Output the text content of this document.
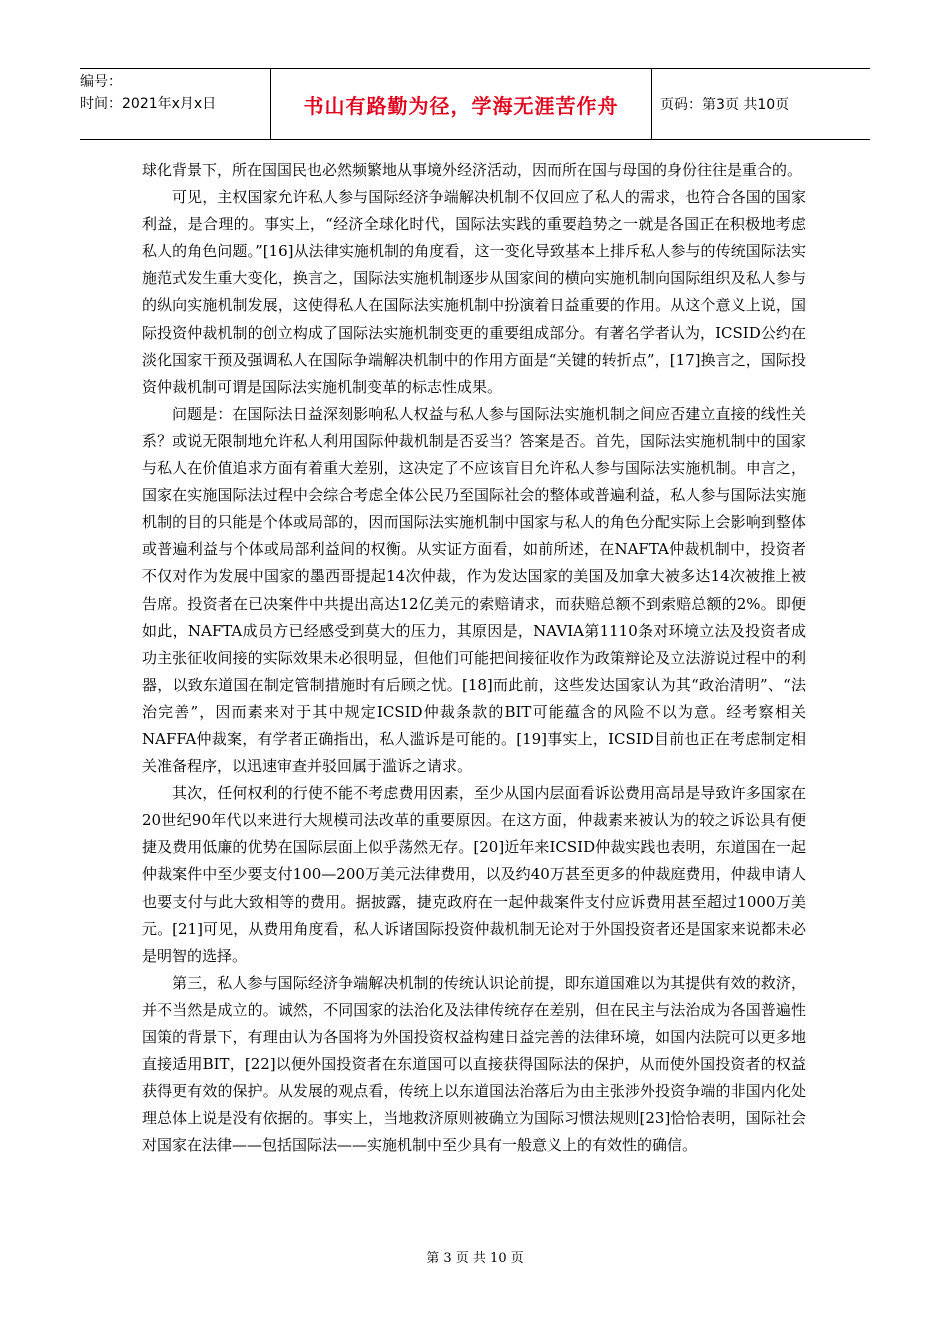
编号：
时间：2021年x月x日	书山有路勤为径，学海无涯苦作舟	页码：第3页 共10页

球化背景下，所在国国民也必然频繁地从事境外经济活动，因而所在国与母国的身份往往是重合的。

可见，主权国家允许私人参与国际经济争端解决机制不仅回应了私人的需求，也符合各国的国家利益，是合理的。事实上，“经济全球化时代，国际法实践的重要趋势之一就是各国正在积极地考虑私人的角色问题。”[16]从法律实施机制的角度看，这一变化导致基本上排斥私人参与的传统国际法实施范式发生重大变化，换言之，国际法实施机制逐步从国家间的横向实施机制向国际组织及私人参与的纵向实施机制发展，这使得私人在国际法实施机制中扮演着日益重要的作用。从这个意义上说，国际投资仲裁机制的创立构成了国际法实施机制变更的重要组成部分。有著名学者认为，ICSID公约在淡化国家干预及强调私人在国际争端解决机制中的作用方面是“关键的转折点”，[17]换言之，国际投资仲裁机制可谓是国际法实施机制变革的标志性成果。

问题是：在国际法日益深刻影响私人权益与私人参与国际法实施机制之间应否建立直接的线性关系？或说无限制地允许私人利用国际仲裁机制是否妥当？答案是否。首先，国际法实施机制中的国家与私人在价值追求方面有着重大差别，这决定了不应该盲目允许私人参与国际法实施机制。申言之，国家在实施国际法过程中会综合考虑全体公民乃至国际社会的整体或普遍利益，私人参与国际法实施机制的目的只能是个体或局部的，因而国际法实施机制中国家与私人的角色分配实际上会影响到整体或普遍利益与个体或局部利益间的权衡。从实证方面看，如前所述，在NAFTA仲裁机制中，投资者不仅对作为发展中国家的墨西哥提起14次仲裁，作为发达国家的美国及加拿大被多达14次被推上被告席。投资者在已决案件中共提出高达12亿美元的索赔请求，而获赔总额不到索赔总额的2%。即便如此，NAFTA成员方已经感受到莫大的压力，其原因是，NAVIA第1110条对环境立法及投资者成功主张征收间接的实际效果未必很明显，但他们可能把间接征收作为政策辩论及立法游说过程中的利器，以致东道国在制定管制措施时有后顾之忧。[18]而此前，这些发达国家认为其“政治清明”、“法治完善”，因而素来对于其中规定ICSID仲裁条款的BIT可能蕴含的风险不以为意。经考察相关NAFFA仲裁案，有学者正确指出，私人滥诉是可能的。[19]事实上，ICSID目前也正在考虑制定相关准备程序，以迅速审查并驳回属于滥诉之请求。

其次，任何权利的行使不能不考虑费用因素，至少从国内层面看诉讼费用高昂是导致许多国家在20世纪90年代以来进行大规模司法改革的重要原因。在这方面，仲裁素来被认为的较之诉讼具有便捷及费用低廉的优势在国际层面上似乎荡然无存。[20]近年来ICSID仲裁实践也表明，东道国在一起仲裁案件中至少要支付100—200万美元法律费用，以及约40万甚至更多的仲裁庭费用，仲裁申请人也要支付与此大致相等的费用。据披露，捷克政府在一起仲裁案件支付应诉费用甚至超过1000万美元。[21]可见，从费用角度看，私人诉诸国际投资仲裁机制无论对于外国投资者还是国家来说都未必是明智的选择。

第三，私人参与国际经济争端解决机制的传统认识论前提，即东道国难以为其提供有效的救济，并不当然是成立的。诚然，不同国家的法治化及法律传统存在差别，但在民主与法治成为各国普遍性国策的背景下，有理由认为各国将为外国投资权益构建日益完善的法律环境，如国内法院可以更多地直接适用BIT，[22]以便外国投资者在东道国可以直接获得国际法的保护，从而使外国投资者的权益获得更有效的保护。从发展的观点看，传统上以东道国法治落后为由主张涉外投资争端的非国内化处理总体上说是没有依据的。事实上，当地救济原则被确立为国际习惯法规则[23]恰恰表明，国际社会对国家在法律——包括国际法——实施机制中至少具有一般意义上的有效性的确信。

第 3 页 共 10 页
